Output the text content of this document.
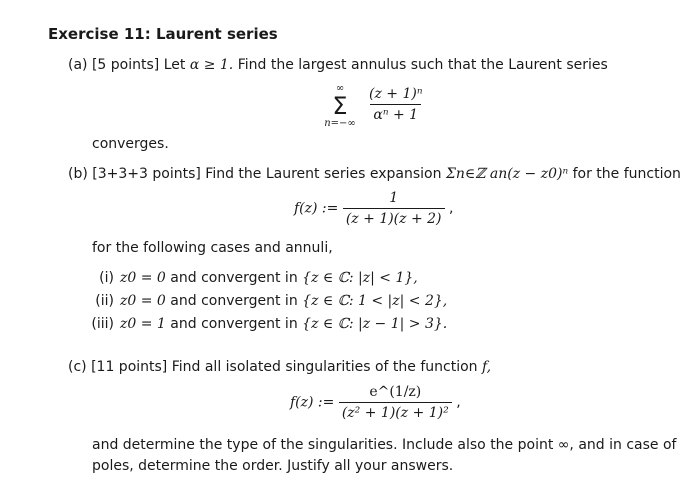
Exercise 11: Laurent series
(a) [5 points] Let α ≥ 1. Find the largest annulus such that the Laurent series
∞
Σ
n=−∞
$\frac{\text{(z + 1)ⁿ}}{\text{αⁿ + 1}}$
converges.
(b) [3+3+3 points] Find the Laurent series expansion Σn∈ℤ an(z − z0)ⁿ for the function
f(z) := $\frac{1}{(z + 1)(z + 2)}$ ,
for the following cases and annuli,
(i) z0 = 0 and convergent in {z ∈ ℂ: |z| < 1},
(ii) z0 = 0 and convergent in {z ∈ ℂ: 1 < |z| < 2},
(iii) z0 = 1 and convergent in {z ∈ ℂ: |z − 1| > 3}.
(c) [11 points] Find all isolated singularities of the function f,
f(z) := $\frac{e\^{}(1/z)}{\text{(z² + 1)(z + 1)²}}$ ,
and determine the type of the singularities. Include also the point ∞, and in case of
poles, determine the order. Justify all your answers.
